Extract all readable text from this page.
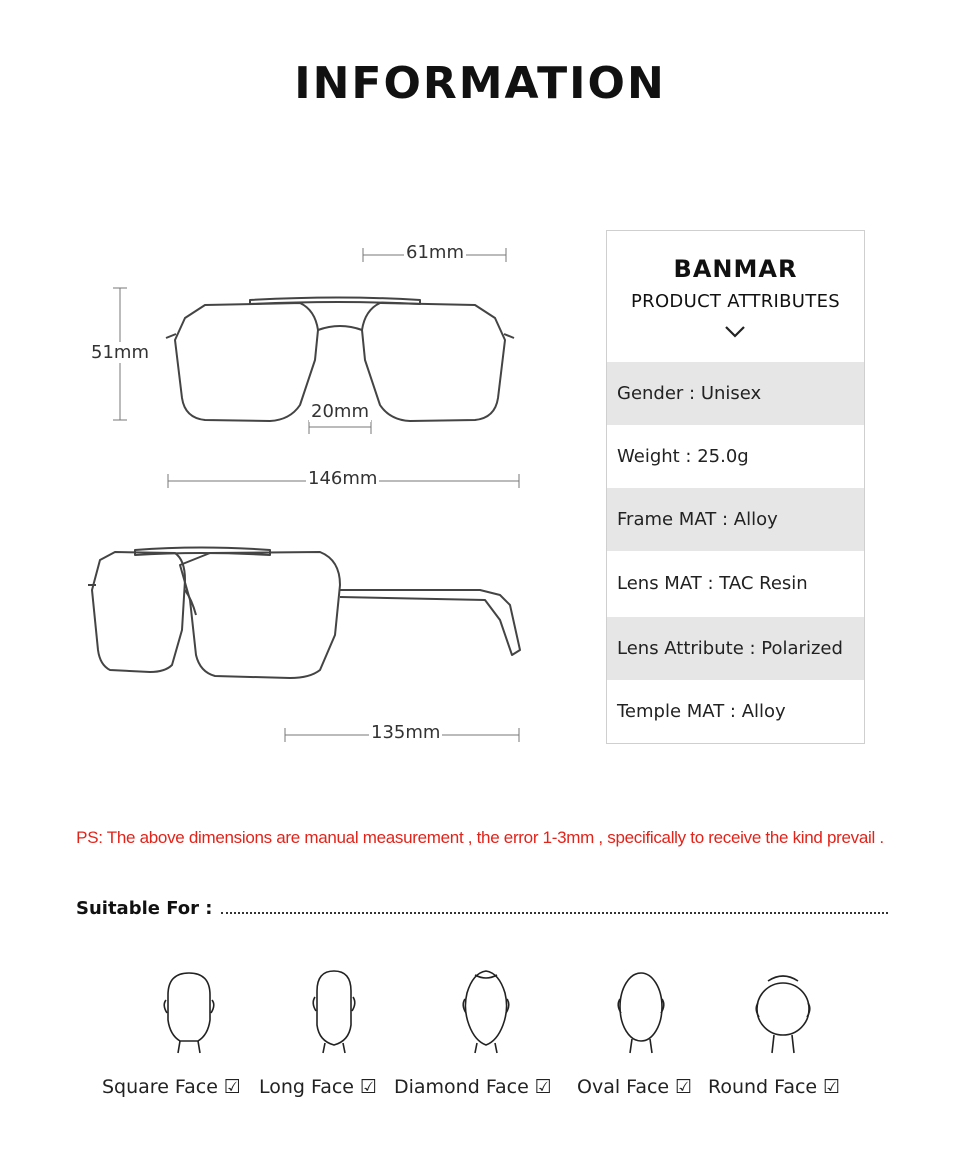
INFORMATION
61mm
51mm
20mm
146mm
135mm
BANMAR
PRODUCT ATTRIBUTES
Gender : Unisex
Weight : 25.0g
Frame MAT : Alloy
Lens MAT : TAC Resin
Lens Attribute : Polarized
Temple MAT : Alloy
PS: The above dimensions are manual measurement , the error 1-3mm , specifically to receive the kind prevail .
Suitable For :
Square Face ☑ Long Face ☑ Diamond Face ☑ Oval Face ☑ Round Face ☑
